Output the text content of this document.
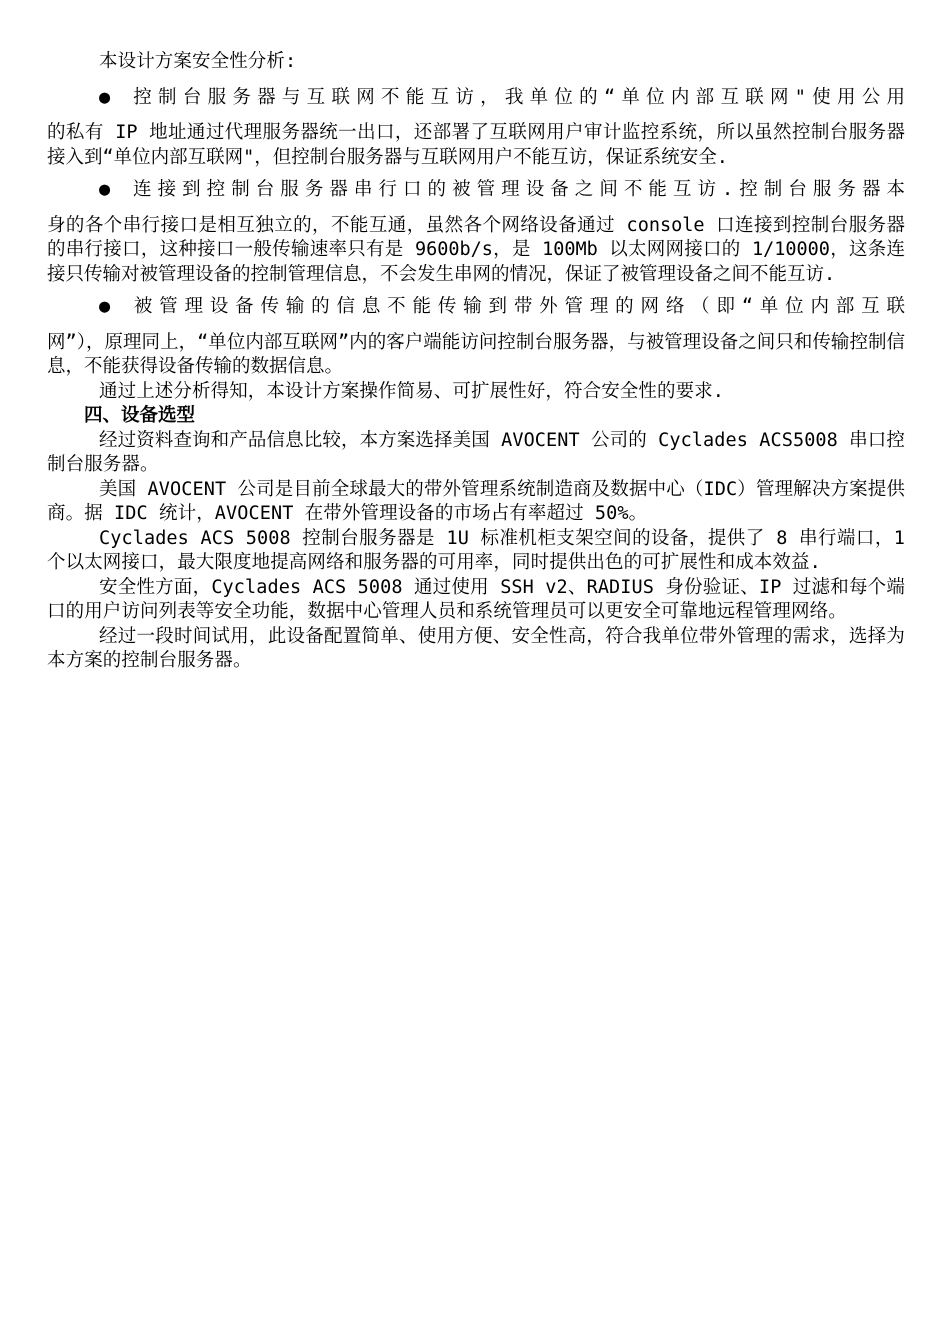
本设计方案安全性分析:

● 控制台服务器与互联网不能互访，我单位的“单位内部互联网"使用公用

的私有 IP 地址通过代理服务器统一出口，还部署了互联网用户审计监控系统，所以虽然控制台服务器接入到“单位内部互联网"，但控制台服务器与互联网用户不能互访，保证系统安全.

● 连接到控制台服务器串行口的被管理设备之间不能互访.控制台服务器本

身的各个串行接口是相互独立的，不能互通，虽然各个网络设备通过 console 口连接到控制台服务器的串行接口，这种接口一般传输速率只有是 9600b/s，是 100Mb 以太网网接口的 1/10000，这条连接只传输对被管理设备的控制管理信息，不会发生串网的情况，保证了被管理设备之间不能互访.

● 被管理设备传输的信息不能传输到带外管理的网络（即“单位内部互联

网”），原理同上，“单位内部互联网”内的客户端能访问控制台服务器，与被管理设备之间只和传输控制信息，不能获得设备传输的数据信息。

通过上述分析得知，本设计方案操作简易、可扩展性好，符合安全性的要求.

四、设备选型

经过资料查询和产品信息比较，本方案选择美国 AVOCENT 公司的 Cyclades ACS5008 串口控制台服务器。

美国 AVOCENT 公司是目前全球最大的带外管理系统制造商及数据中心（IDC）管理解决方案提供商。据 IDC 统计，AVOCENT 在带外管理设备的市场占有率超过 50%。

Cyclades ACS 5008 控制台服务器是 1U 标准机柜支架空间的设备，提供了 8 串行端口，1 个以太网接口，最大限度地提高网络和服务器的可用率，同时提供出色的可扩展性和成本效益.

安全性方面，Cyclades ACS 5008 通过使用 SSH v2、RADIUS 身份验证、IP 过滤和每个端口的用户访问列表等安全功能，数据中心管理人员和系统管理员可以更安全可靠地远程管理网络。

经过一段时间试用，此设备配置简单、使用方便、安全性高，符合我单位带外管理的需求，选择为本方案的控制台服务器。
